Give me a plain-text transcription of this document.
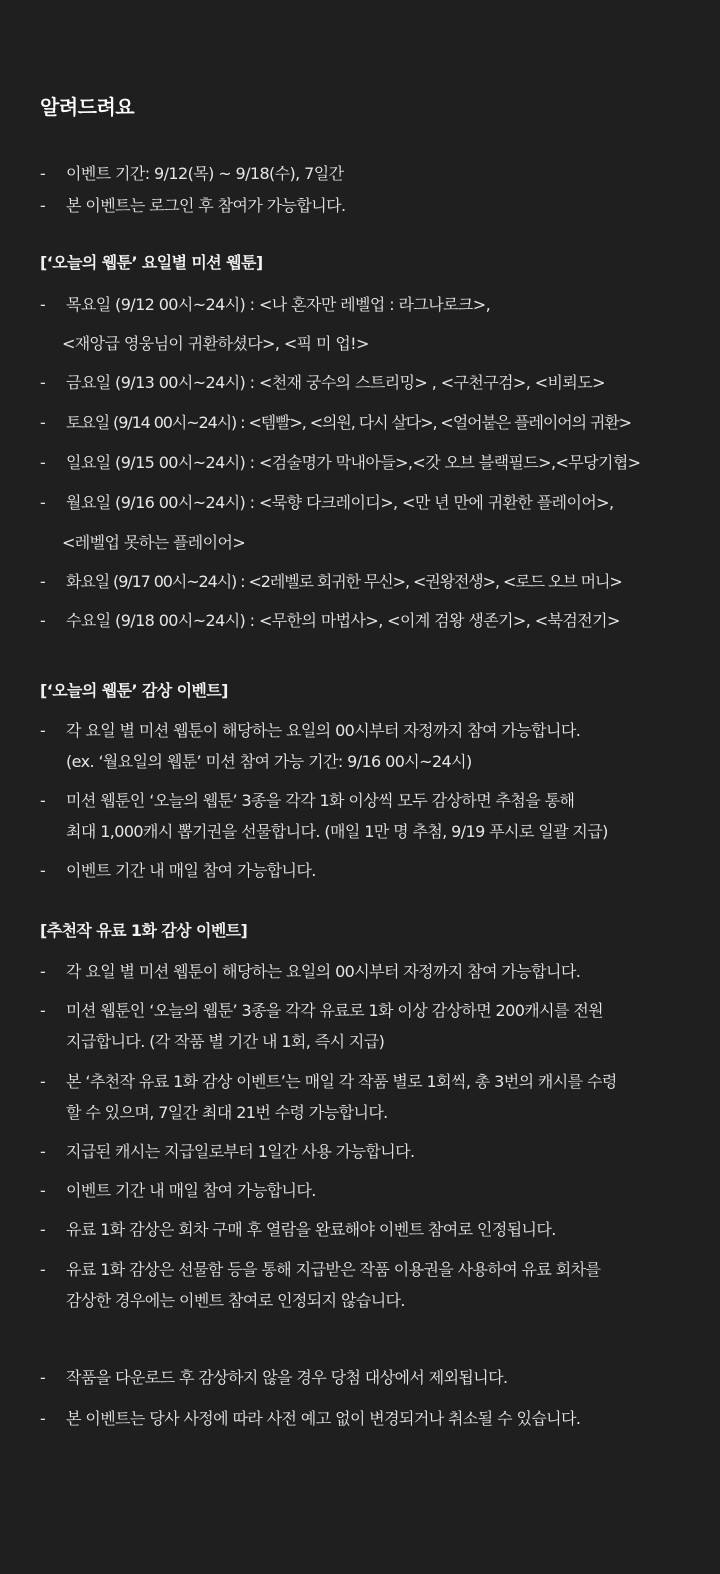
알려드려요
- 이벤트 기간: 9/12(목) ~ 9/18(수), 7일간
- 본 이벤트는 로그인 후 참여가 가능합니다.
[‘오늘의 웹툰’ 요일별 미션 웹툰]
- 목요일 (9/12 00시~24시) : <나 혼자만 레벨업 : 라그나로크>,
<재앙급 영웅님이 귀환하셨다>, <픽 미 업!>
- 금요일 (9/13 00시~24시) : <천재 궁수의 스트리밍> , <구천구검>, <비뢰도>
- 토요일 (9/14 00시~24시) : <템빨>, <의원, 다시 살다>, <얼어붙은 플레이어의 귀환>
- 일요일 (9/15 00시~24시) : <검술명가 막내아들>,<갓 오브 블랙필드>,<무당기협>
- 월요일 (9/16 00시~24시) : <묵향 다크레이디>, <만 년 만에 귀환한 플레이어>,
<레벨업 못하는 플레이어>
- 화요일 (9/17 00시~24시) : <2레벨로 회귀한 무신>, <권왕전생>, <로드 오브 머니>
- 수요일 (9/18 00시~24시) : <무한의 마법사>, <이계 검왕 생존기>, <북검전기>
[‘오늘의 웹툰’ 감상 이벤트]
- 각 요일 별 미션 웹툰이 해당하는 요일의 00시부터 자정까지 참여 가능합니다.
(ex. ‘월요일의 웹툰’ 미션 참여 가능 기간: 9/16 00시~24시)
- 미션 웹툰인 ‘오늘의 웹툰’ 3종을 각각 1화 이상씩 모두 감상하면 추첨을 통해
최대 1,000캐시 뽑기권을 선물합니다. (매일 1만 명 추첨, 9/19 푸시로 일괄 지급)
- 이벤트 기간 내 매일 참여 가능합니다.
[추천작 유료 1화 감상 이벤트]
- 각 요일 별 미션 웹툰이 해당하는 요일의 00시부터 자정까지 참여 가능합니다.
- 미션 웹툰인 ‘오늘의 웹툰’ 3종을 각각 유료로 1화 이상 감상하면 200캐시를 전원
지급합니다. (각 작품 별 기간 내 1회, 즉시 지급)
- 본 ‘추천작 유료 1화 감상 이벤트’는 매일 각 작품 별로 1회씩, 총 3번의 캐시를 수령
할 수 있으며, 7일간 최대 21번 수령 가능합니다.
- 지급된 캐시는 지급일로부터 1일간 사용 가능합니다.
- 이벤트 기간 내 매일 참여 가능합니다.
- 유료 1화 감상은 회차 구매 후 열람을 완료해야 이벤트 참여로 인정됩니다.
- 유료 1화 감상은 선물함 등을 통해 지급받은 작품 이용권을 사용하여 유료 회차를
감상한 경우에는 이벤트 참여로 인정되지 않습니다.
- 작품을 다운로드 후 감상하지 않을 경우 당첨 대상에서 제외됩니다.
- 본 이벤트는 당사 사정에 따라 사전 예고 없이 변경되거나 취소될 수 있습니다.
